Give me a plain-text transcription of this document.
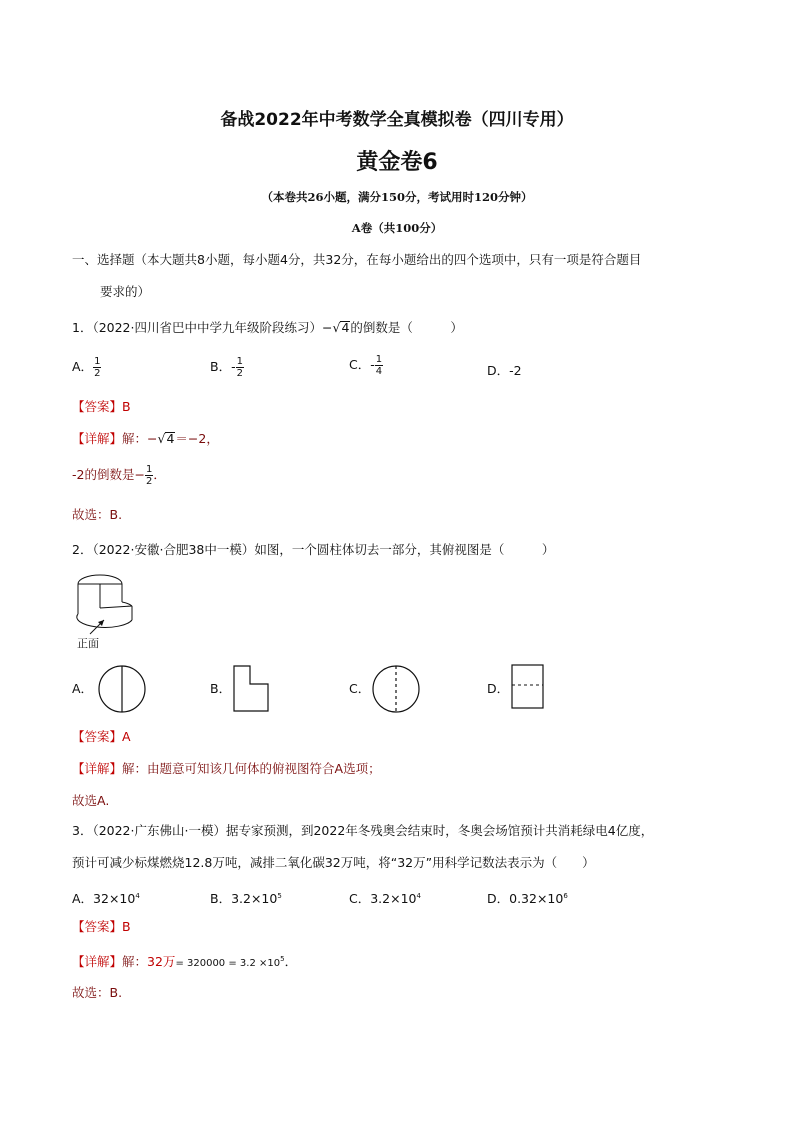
备战2022年中考数学全真模拟卷（四川专用）
黄金卷6
（本卷共26小题，满分150分，考试用时120分钟）
A卷（共100分）
一、选择题（本大题共8小题，每小题4分，共32分，在每小题给出的四个选项中，只有一项是符合题目
要求的）
1．（2022·四川省巴中中学九年级阶段练习）−√4的倒数是（　　　）
A． $\frac{1}{2}$	B．- $\frac{1}{2}$	C．- $\frac{1}{4}$	D．-2
【答案】B
【详解】解：−√4＝−2，
-2的倒数是− $\frac{1}{2}$ ．
故选：B.
2．（2022·安徽·合肥38中一模）如图，一个圆柱体切去一部分，其俯视图是（　　　）
正面
A．	B．	C．	D．
【答案】A
【详解】解：由题意可知该几何体的俯视图符合A选项；
故选A.
3．（2022·广东佛山·一模）据专家预测，到2022年冬残奥会结束时，冬奥会场馆预计共消耗绿电4亿度，
预计可减少标煤燃烧12.8万吨，减排二氧化碳32万吨，将“32万”用科学记数法表示为（　　）
A．$32\times 10^4$	B．$3.2\times 10^5$	C．$3.2\times 10^4$	D．$0.32\times 10^6$
【答案】B
【详解】解：32万= $320000 = 3.2 \times 10^5$．
故选：B.
